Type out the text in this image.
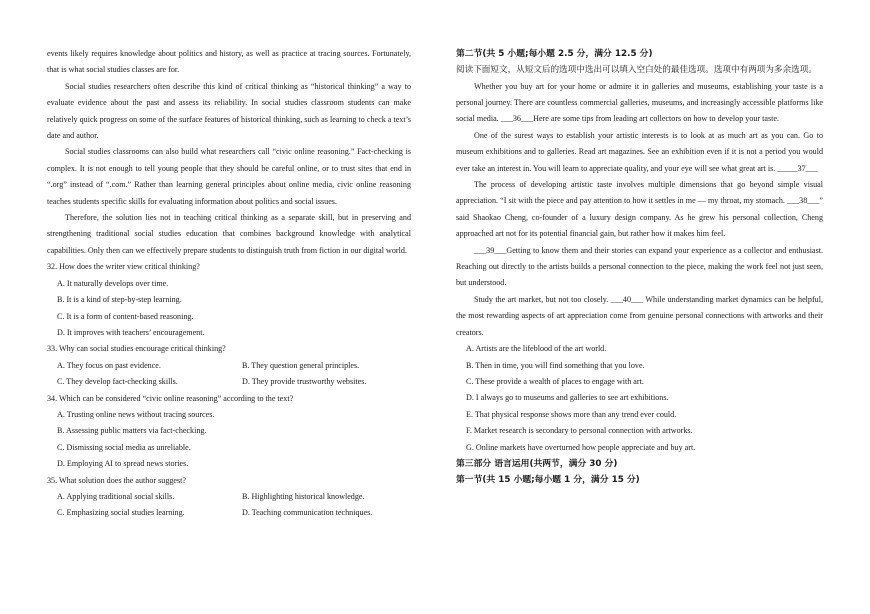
events likely requires knowledge about politics and history, as well as practice at tracing sources. Fortunately, that is what social studies classes are for.

Social studies researchers often describe this kind of critical thinking as “historical thinking” a way to evaluate evidence about the past and assess its reliability. In social studies classroom students can make relatively quick progress on some of the surface features of historical thinking, such as learning to check a text’s date and author.

Social studies classrooms can also build what researchers call “civic online reasoning.” Fact-checking is complex. It is not enough to tell young people that they should be careful online, or to trust sites that end in “.org” instead of “.com.” Rather than learning general principles about online media, civic online reasoning teaches students specific skills for evaluating information about politics and social issues.

Therefore, the solution lies not in teaching critical thinking as a separate skill, but in preserving and strengthening traditional social studies education that combines background knowledge with analytical capabilities. Only then can we effectively prepare students to distinguish truth from fiction in our digital world.

32. How does the writer view critical thinking?

A. It naturally develops over time.

B. It is a kind of step-by-step learning.

C. It is a form of content-based reasoning.

D. It improves with teachers’ encouragement.

33. Why can social studies encourage critical thinking?

A. They focus on past evidence.	B. They question general principles.

C. They develop fact-checking skills.	D. They provide trustworthy websites.

34. Which can be considered “civic online reasoning” according to the text?

A. Trusting online news without tracing sources.

B. Assessing public matters via fact-checking.

C. Dismissing social media as unreliable.

D. Employing AI to spread news stories.

35. What solution does the author suggest?

A. Applying traditional social skills.	B. Highlighting historical knowledge.

C. Emphasizing social studies learning.	D. Teaching communication techniques.

第二节(共 5 小题;每小题 2.5 分，满分 12.5 分)

阅读下面短文，从短文后的选项中选出可以填入空白处的最佳选项。选项中有两项为多余选项。

Whether you buy art for your home or admire it in galleries and museums, establishing your taste is a personal journey. There are countless commercial galleries, museums, and increasingly accessible platforms like social media. ___36___Here are some tips from leading art collectors on how to develop your taste.

One of the surest ways to establish your artistic interests is to look at as much art as you can. Go to museum exhibitions and to galleries. Read art magazines. See an exhibition even if it is not a period you would ever take an interest in. You will learn to appreciate quality, and your eye will see what great art is. _____37___

The process of developing artistic taste involves multiple dimensions that go beyond simple visual appreciation. “I sit with the piece and pay attention to how it settles in me — my throat, my stomach. ___38___” said Shaokao Cheng, co-founder of a luxury design company. As he grew his personal collection, Cheng approached art not for its potential financial gain, but rather how it makes him feel.

___39___Getting to know them and their stories can expand your experience as a collector and enthusiast. Reaching out directly to the artists builds a personal connection to the piece, making the work feel not just seen, but understood.

Study the art market, but not too closely. ___40___ While understanding market dynamics can be helpful, the most rewarding aspects of art appreciation come from genuine personal connections with artworks and their creators.

A. Artists are the lifeblood of the art world.

B. Then in time, you will find something that you love.

C. These provide a wealth of places to engage with art.

D. I always go to museums and galleries to see art exhibitions.

E. That physical response shows more than any trend ever could.

F. Market research is secondary to personal connection with artworks.

G. Online markets have overturned how people appreciate and buy art.

第三部分 语言运用(共两节，满分 30 分)

第一节(共 15 小题;每小题 1 分，满分 15 分)
